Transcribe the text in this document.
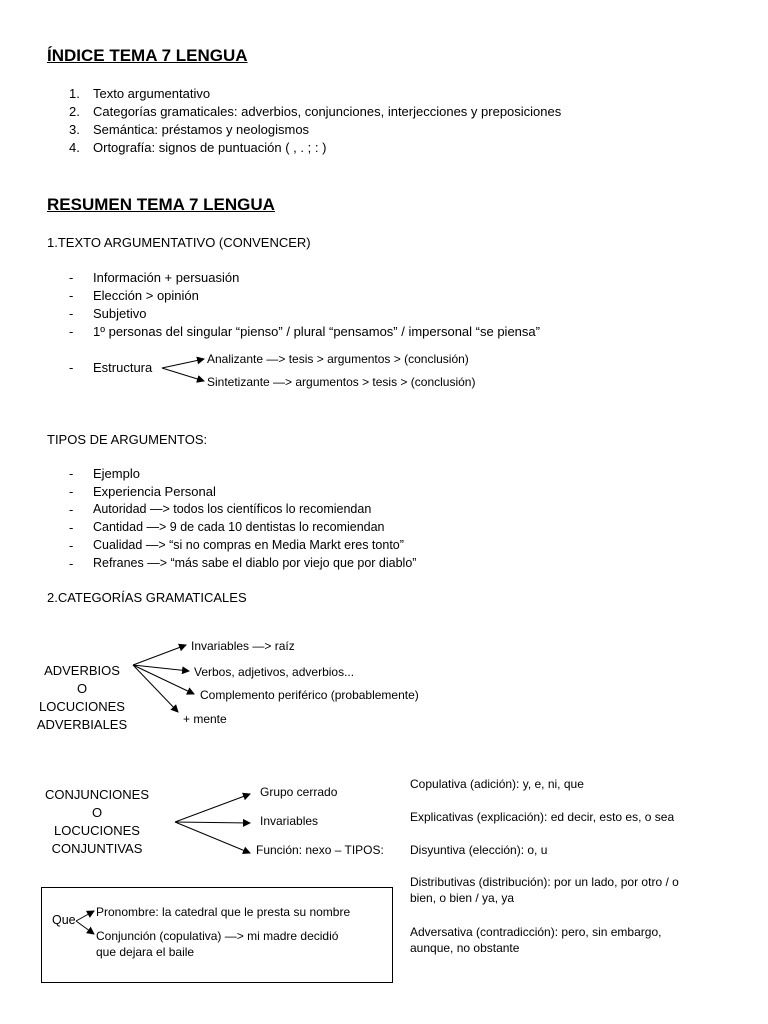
ÍNDICE TEMA 7 LENGUA
1. Texto argumentativo
2. Categorías gramaticales: adverbios, conjunciones, interjecciones y preposiciones
3. Semántica: préstamos y neologismos
4. Ortografía: signos de puntuación ( , . ; : )
RESUMEN TEMA 7 LENGUA
1.TEXTO ARGUMENTATIVO (CONVENCER)
- Información + persuasión
- Elección > opinión
- Subjetivo
- 1º personas del singular “pienso” / plural “pensamos” / impersonal “se piensa”
- Estructura
Analizante —> tesis > argumentos > (conclusión)
Sintetizante —> argumentos > tesis > (conclusión)
TIPOS DE ARGUMENTOS:
- Ejemplo
- Experiencia Personal
- Autoridad —> todos los científicos lo recomiendan
- Cantidad —> 9 de cada 10 dentistas lo recomiendan
- Cualidad —> “si no compras en Media Markt eres tonto”
- Refranes —> “más sabe el diablo por viejo que por diablo”
2.CATEGORÍAS GRAMATICALES
ADVERBIOS
O
LOCUCIONES
ADVERBIALES
Invariables —> raíz
Verbos, adjetivos, adverbios...
Complemento periférico (probablemente)
+ mente
CONJUNCIONES
O
LOCUCIONES
CONJUNTIVAS
Grupo cerrado
Invariables
Función: nexo – TIPOS:
Copulativa (adición): y, e, ni, que
Explicativas (explicación): ed decir, esto es, o sea
Disyuntiva (elección): o, u
Distributivas (distribución): por un lado, por otro / o
bien, o bien / ya, ya
Adversativa (contradicción): pero, sin embargo,
aunque, no obstante
Que
Pronombre: la catedral que le presta su nombre
Conjunción (copulativa) —> mi madre decidió
que dejara el baile
